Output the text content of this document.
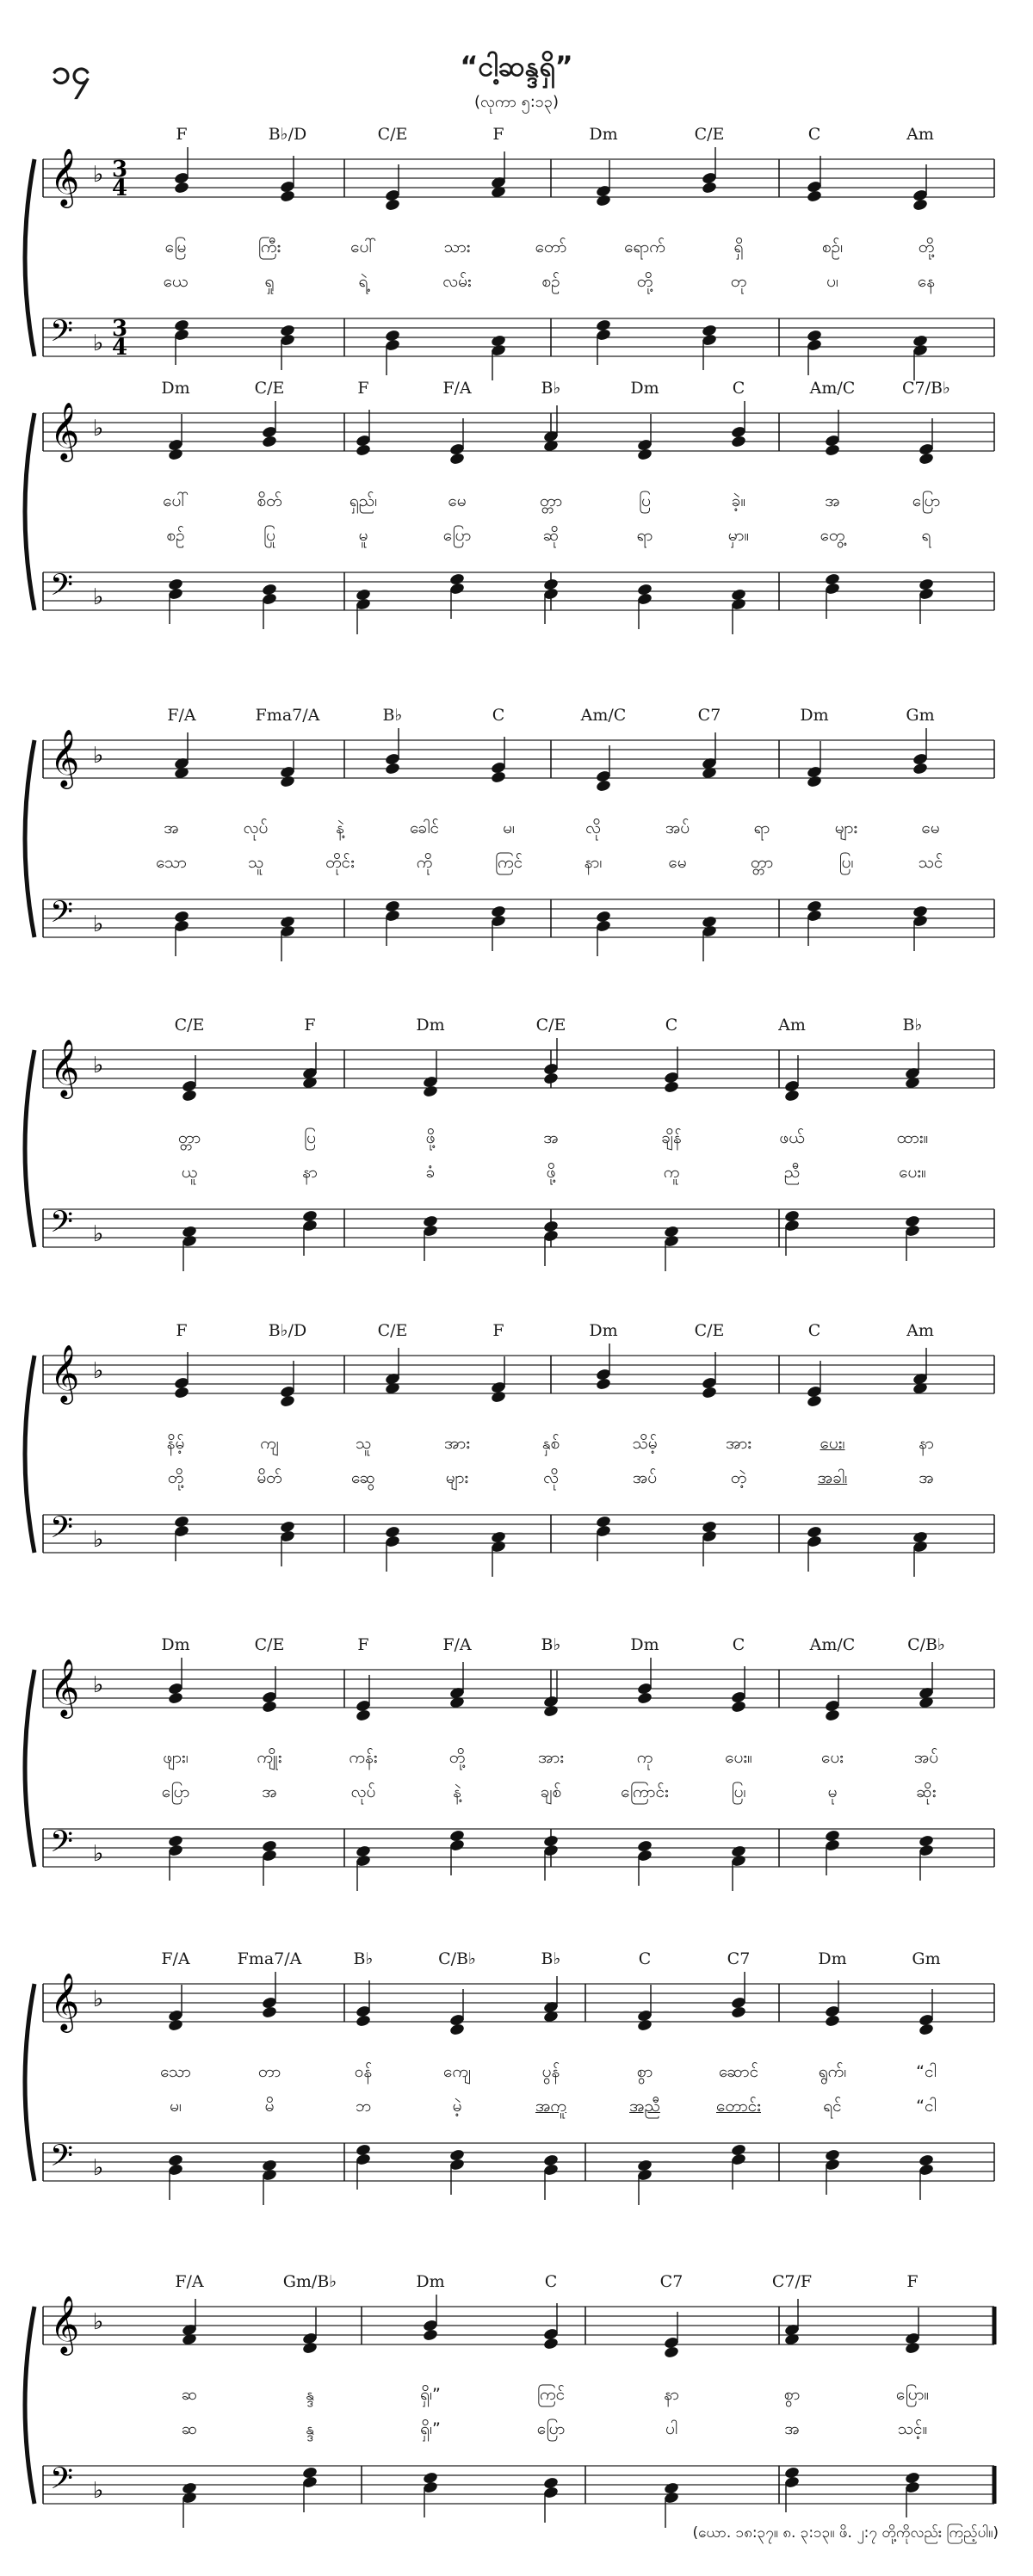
၁၄	“ငါ့ဆန္ဒရှိ”
(လုကာ ၅:၁၃)
𝄞 ♭ 3
4
𝄢 ♭
3
4
F	B♭/D	C/E	F	Dm	C/E	C	Am
မြေ	ကြီး	ပေါ်	သား	တော်	ရောက်	ရှိ	စဉ်၊	တို့
ယေ	ရှု	ရဲ့	လမ်း	စဉ်	တို့	တု	ပ၊	နေ
𝄞 ♭
𝄢 ♭
Dm	C/E	F	F/A	B♭	Dm	C	Am/C	C7/B♭
ပေါ်	စိတ်	ရှည်၊	မေ	တ္တာ	ပြ	ခဲ့။	အ	ပြော
စဉ်	ပြု	မူ	ပြော	ဆို	ရာ	မှာ။	တွေ့	ရ
𝄞 ♭
𝄢 ♭
F/A	Fma7/A	B♭	C	Am/C	C7	Dm	Gm
အ	လုပ်	နဲ့	ခေါင်	မ၊	လို	အပ်	ရာ	များ	မေ
သော	သူ	တိုင်း	ကို	ကြင်	နာ၊	မေ	တ္တာ	ပြ၊	သင်
𝄞 ♭
𝄢 ♭
C/E	F	Dm	C/E	C	Am	B♭
တ္တာ	ပြ	ဖို့	အ	ချိန်	ဖယ်	ထား။
ယူ	နာ	ခံ	ဖို့	ကူ	ညီ	ပေး။
𝄞 ♭
𝄢 ♭
F	B♭/D	C/E	F	Dm	C/E	C	Am
နိမ့်	ကျ	သူ	အား	နှစ်	သိမ့်	အား	ပေး၊	နာ
တို့	မိတ်	ဆွေ	များ	လို	အပ်	တဲ့	အခါ၊	အ
𝄞 ♭
𝄢 ♭
Dm	C/E	F	F/A	B♭	Dm	C	Am/C	C/B♭
ဖျား၊	ကျိုး	ကန်း	တို့	အား	ကု	ပေး။	ပေး	အပ်
ပြော	အ	လုပ်	နဲ့	ချစ်	ကြောင်း	ပြ၊	မု	ဆိုး
𝄞 ♭
𝄢 ♭
F/A	Fma7/A	B♭	C/B♭	B♭	C	C7	Dm	Gm
သော	တာ	ဝန်	ကျေ	ပွန်	စွာ	ဆောင်	ရွက်၊	“ငါ
မ၊	မိ	ဘ	မဲ့	အကူ	အညီ	တောင်း	ရင်	“ငါ
𝄞 ♭
𝄢 ♭
F/A	Gm/B♭	Dm	C	C7	C7/F	F
ဆ	န္ဒ	ရှိ၊”	ကြင်	နာ	စွာ	ပြော။
ဆ	န္ဒ	ရှိ၊”	ပြော	ပါ	အ	သင့်။
(ယော. ၁၈:၃၇။ ၈. ၃:၁၃။ ဖိ. ၂:၇ တို့ကိုလည်း ကြည့်ပါ။)
